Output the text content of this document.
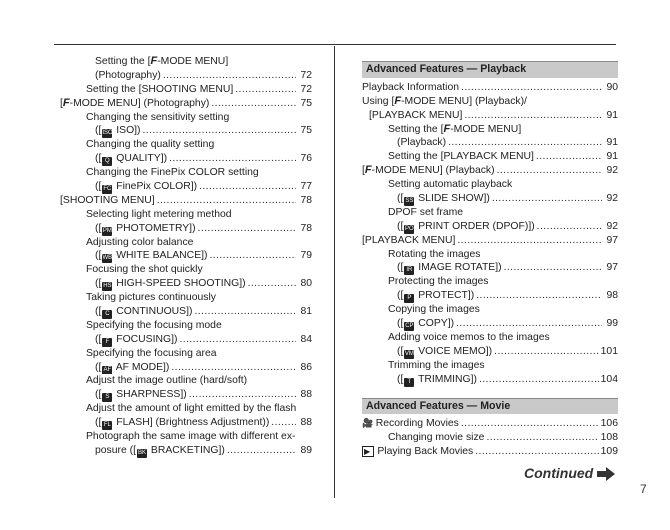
Setting the [F-MODE MENU]
(Photography) .....	72
Setting the [SHOOTING MENU] .....	72
[F-MODE MENU] (Photography) .....	75
Changing the sensitivity setting
([ISO ISO]) .....	75
Changing the quality setting
([ Q QUALITY]) .....	76
Changing the FinePix COLOR setting
([ FC FinePix COLOR]) .....	77
[SHOOTING MENU] .....	78
Selecting light metering method
([ PM PHOTOMETRY]) .....	78
Adjusting color balance
([WB WHITE BALANCE]) .....	79
Focusing the shot quickly
([ HS HIGH-SPEED SHOOTING]) .....	80
Taking pictures continuously
([ C CONTINUOUS]) .....	81
Specifying the focusing mode
([ F FOCUSING]) .....	84
Specifying the focusing area
([ AF AF MODE]) .....	86
Adjust the image outline (hard/soft)
([ S SHARPNESS]) .....	88
Adjust the amount of light emitted by the flash
([ FL FLASH] (Brightness Adjustment)) .....	88
Photograph the same image with different ex-
posure ([ BK BRACKETING]) .....	89
Advanced Features — Playback
Playback Information .....	90
Using [F-MODE MENU] (Playback)/
[PLAYBACK MENU] .....	91
Setting the [F-MODE MENU]
(Playback) .....	91
Setting the [PLAYBACK MENU] .....	91
[F-MODE MENU] (Playback) .....	92
Setting automatic playback
([ SS SLIDE SHOW]) .....	92
DPOF set frame
([ PO PRINT ORDER (DPOF)]) .....	92
[PLAYBACK MENU] .....	97
Rotating the images
([ IR IMAGE ROTATE]) .....	97
Protecting the images
([ P PROTECT]) .....	98
Copying the images
([ CP COPY]) .....	99
Adding voice memos to the images
([ VM VOICE MEMO]) .....	101
Trimming the images
([ T TRIMMING]) .....	104
Advanced Features — Movie
🎥 Recording Movies .....	106
Changing movie size .....	108
▶ Playing Back Movies .....	109
Continued
7
